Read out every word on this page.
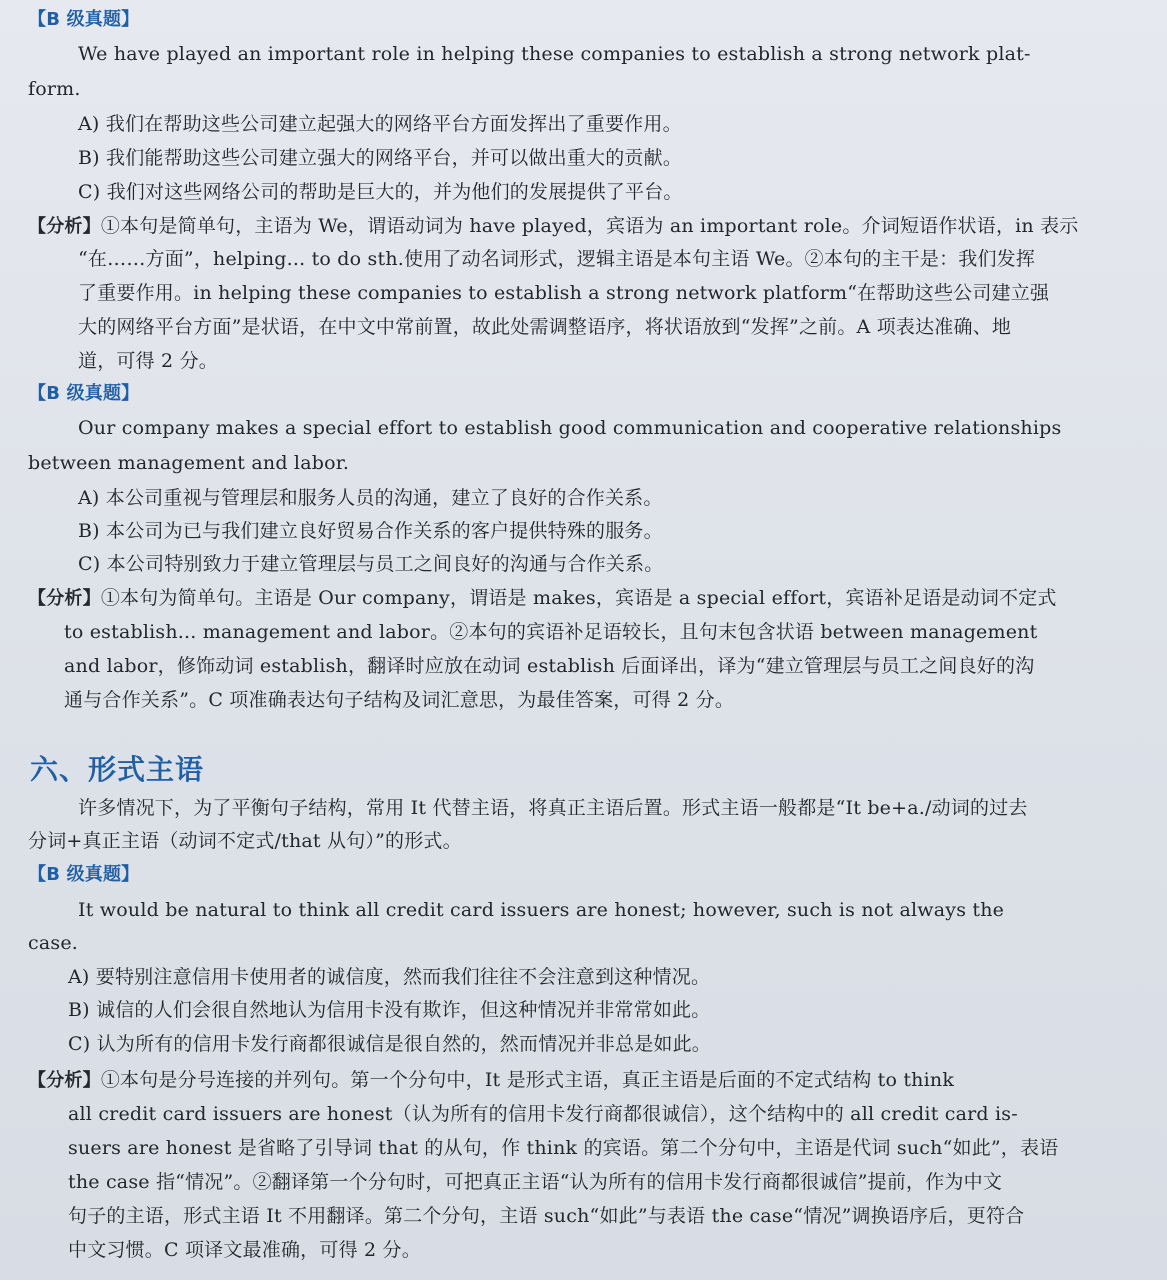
【B 级真题】
We have played an important role in helping these companies to establish a strong network plat-
form.
A) 我们在帮助这些公司建立起强大的网络平台方面发挥出了重要作用。
B) 我们能帮助这些公司建立强大的网络平台，并可以做出重大的贡献。
C) 我们对这些网络公司的帮助是巨大的，并为他们的发展提供了平台。
【分析】①本句是简单句，主语为 We，谓语动词为 have played，宾语为 an important role。介词短语作状语，in 表示
“在……方面”，helping... to do sth.使用了动名词形式，逻辑主语是本句主语 We。②本句的主干是：我们发挥
了重要作用。in helping these companies to establish a strong network platform“在帮助这些公司建立强
大的网络平台方面”是状语，在中文中常前置，故此处需调整语序，将状语放到“发挥”之前。A 项表达准确、地
道，可得 2 分。
【B 级真题】
Our company makes a special effort to establish good communication and cooperative relationships
between management and labor.
A) 本公司重视与管理层和服务人员的沟通，建立了良好的合作关系。
B) 本公司为已与我们建立良好贸易合作关系的客户提供特殊的服务。
C) 本公司特别致力于建立管理层与员工之间良好的沟通与合作关系。
【分析】①本句为简单句。主语是 Our company，谓语是 makes，宾语是 a special effort，宾语补足语是动词不定式
to establish... management and labor。②本句的宾语补足语较长，且句末包含状语 between management
and labor，修饰动词 establish，翻译时应放在动词 establish 后面译出，译为“建立管理层与员工之间良好的沟
通与合作关系”。C 项准确表达句子结构及词汇意思，为最佳答案，可得 2 分。
六、形式主语
许多情况下，为了平衡句子结构，常用 It 代替主语，将真正主语后置。形式主语一般都是“It be+a./动词的过去
分词+真正主语（动词不定式/that 从句）”的形式。
【B 级真题】
It would be natural to think all credit card issuers are honest; however, such is not always the
case.
A) 要特别注意信用卡使用者的诚信度，然而我们往往不会注意到这种情况。
B) 诚信的人们会很自然地认为信用卡没有欺诈，但这种情况并非常常如此。
C) 认为所有的信用卡发行商都很诚信是很自然的，然而情况并非总是如此。
【分析】①本句是分号连接的并列句。第一个分句中，It 是形式主语，真正主语是后面的不定式结构 to think
all credit card issuers are honest（认为所有的信用卡发行商都很诚信），这个结构中的 all credit card is-
suers are honest 是省略了引导词 that 的从句，作 think 的宾语。第二个分句中，主语是代词 such“如此”，表语
the case 指“情况”。②翻译第一个分句时，可把真正主语“认为所有的信用卡发行商都很诚信”提前，作为中文
句子的主语，形式主语 It 不用翻译。第二个分句，主语 such“如此”与表语 the case“情况”调换语序后，更符合
中文习惯。C 项译文最准确，可得 2 分。
